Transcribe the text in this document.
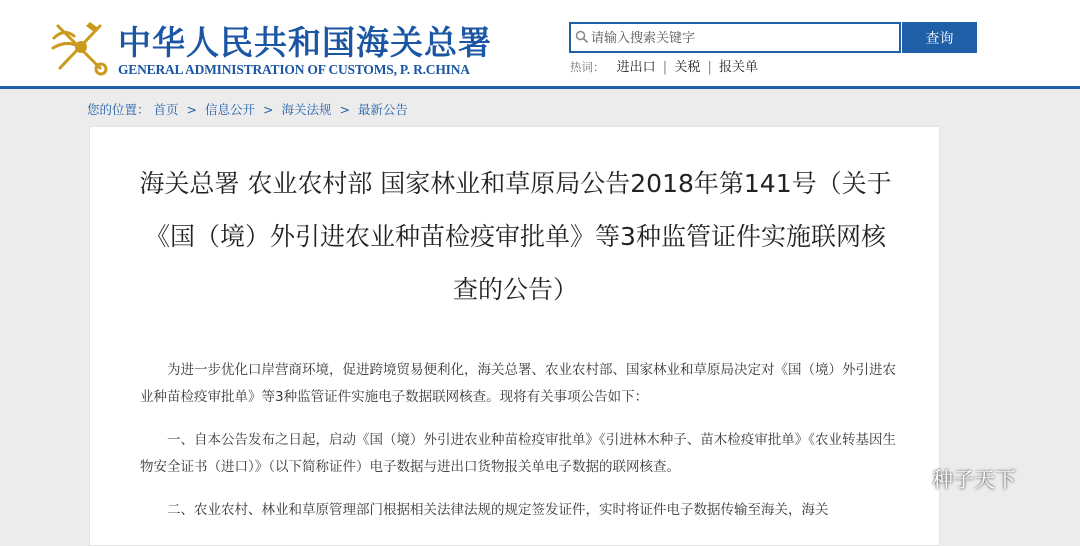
中华人民共和国海关总署
GENERAL ADMINISTRATION OF CUSTOMS, P. R.CHINA
请输入搜索关键字
查询
热词： 进出口 | 关税 | 报关单
您的位置： 首页 > 信息公开 > 海关法规 > 最新公告
海关总署 农业农村部 国家林业和草原局公告2018年第141号（关于《国（境）外引进农业种苗检疫审批单》等3种监管证件实施联网核查的公告）
为进一步优化口岸营商环境，促进跨境贸易便利化，海关总署、农业农村部、国家林业和草原局决定对《国（境）外引进农业种苗检疫审批单》等3种监管证件实施电子数据联网核查。现将有关事项公告如下：
一、自本公告发布之日起，启动《国（境）外引进农业种苗检疫审批单》《引进林木种子、苗木检疫审批单》《农业转基因生物安全证书（进口）》（以下简称证件）电子数据与进出口货物报关单电子数据的联网核查。
二、农业农村、林业和草原管理部门根据相关法律法规的规定签发证件，实时将证件电子数据传输至海关，海关
种子天下
